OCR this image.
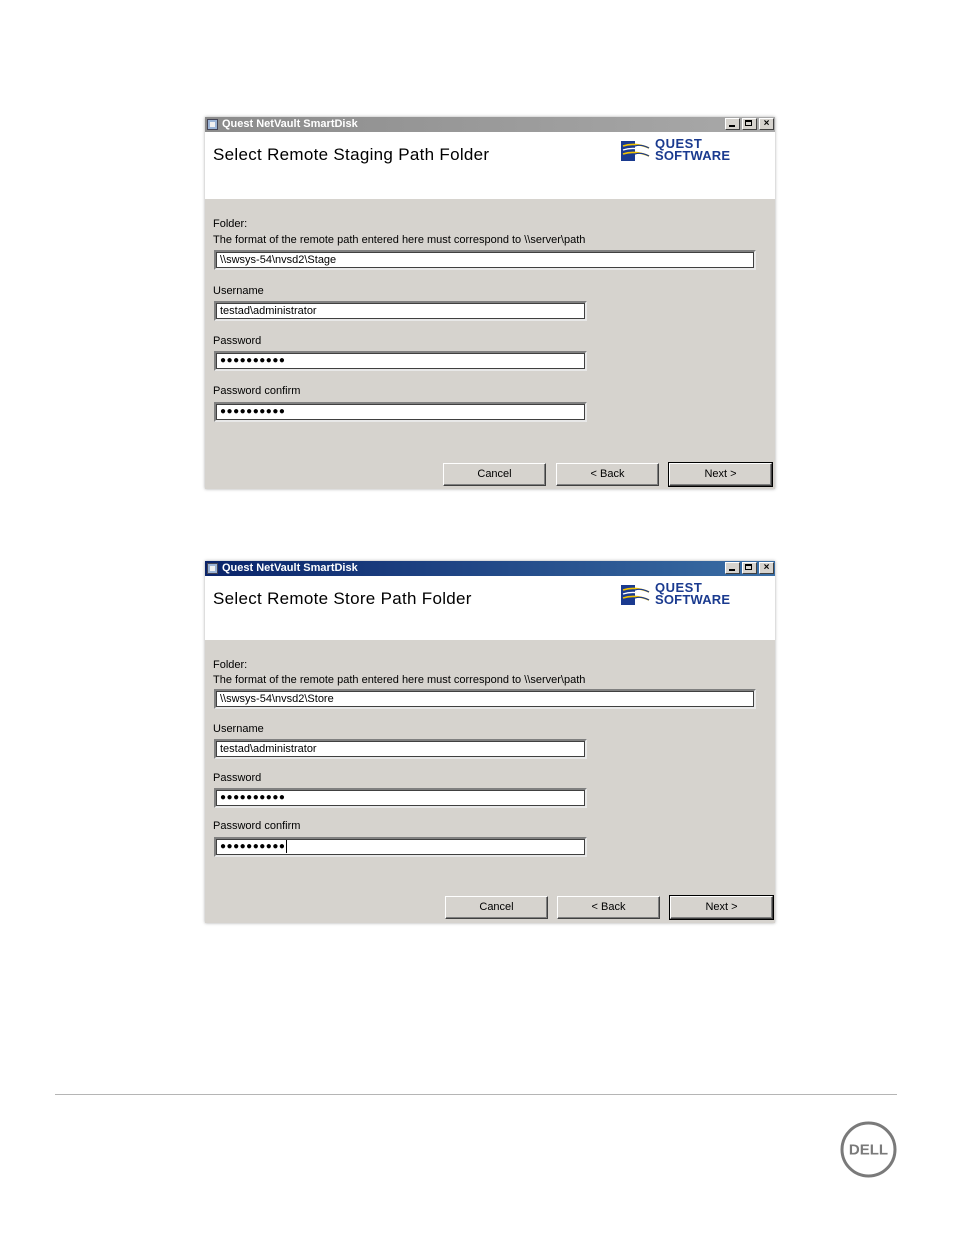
Quest NetVault SmartDisk	×
Select Remote Staging Path Folder
QUEST
SOFTWARE
Folder:
The format of the remote path entered here must correspond to \\server\path
\\swsys-54\nvsd2\Stage
Username
testad\administrator
Password
●●●●●●●●●●
Password confirm
●●●●●●●●●●
Cancel	< Back	Next >
Quest NetVault SmartDisk	×
Select Remote Store Path Folder
QUEST
SOFTWARE
Folder:
The format of the remote path entered here must correspond to \\server\path
\\swsys-54\nvsd2\Store
Username
testad\administrator
Password
●●●●●●●●●●
Password confirm
●●●●●●●●●●
Cancel	< Back	Next >
DELL
